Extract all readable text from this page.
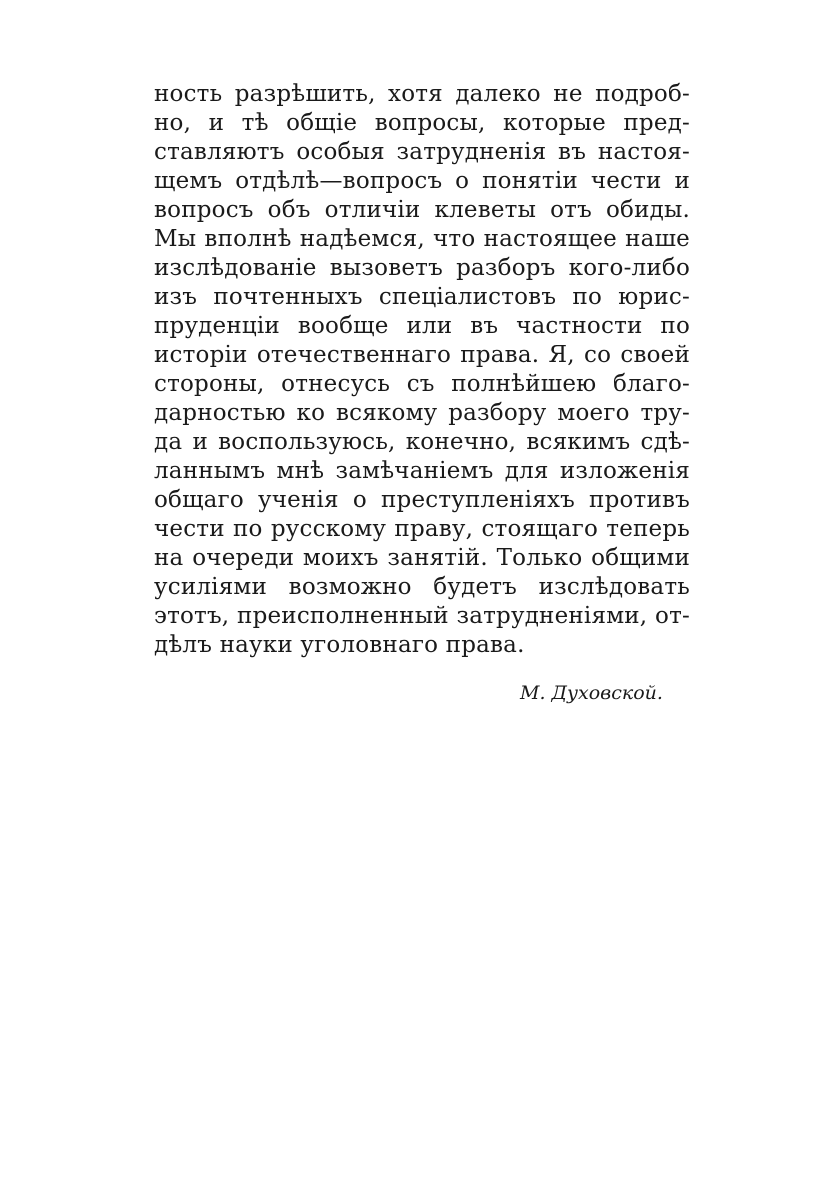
ность разрѣшить, хотя далеко не подроб-
но, и тѣ общіе вопросы, которые пред-
ставляютъ особыя затрудненія въ настоя-
щемъ отдѣлѣ—вопросъ о понятіи чести и
вопросъ объ отличіи клеветы отъ обиды.
Мы вполнѣ надѣемся, что настоящее наше
изслѣдованіе вызоветъ разборъ кого-либо
изъ почтенныхъ спеціалистовъ по юрис-
пруденціи вообще или въ частности по
исторіи отечественнаго права. Я, со своей
стороны, отнесусь съ полнѣйшею благо-
дарностью ко всякому разбору моего тру-
да и воспользуюсь, конечно, всякимъ сдѣ-
ланнымъ мнѣ замѣчаніемъ для изложенія
общаго ученія о преступленіяхъ противъ
чести по русскому праву, стоящаго теперь
на очереди моихъ занятій. Только общими
усиліями возможно будетъ изслѣдовать
этотъ, преисполненный затрудненіями, от-
дѣлъ науки уголовнаго права.
М. Духовской.
